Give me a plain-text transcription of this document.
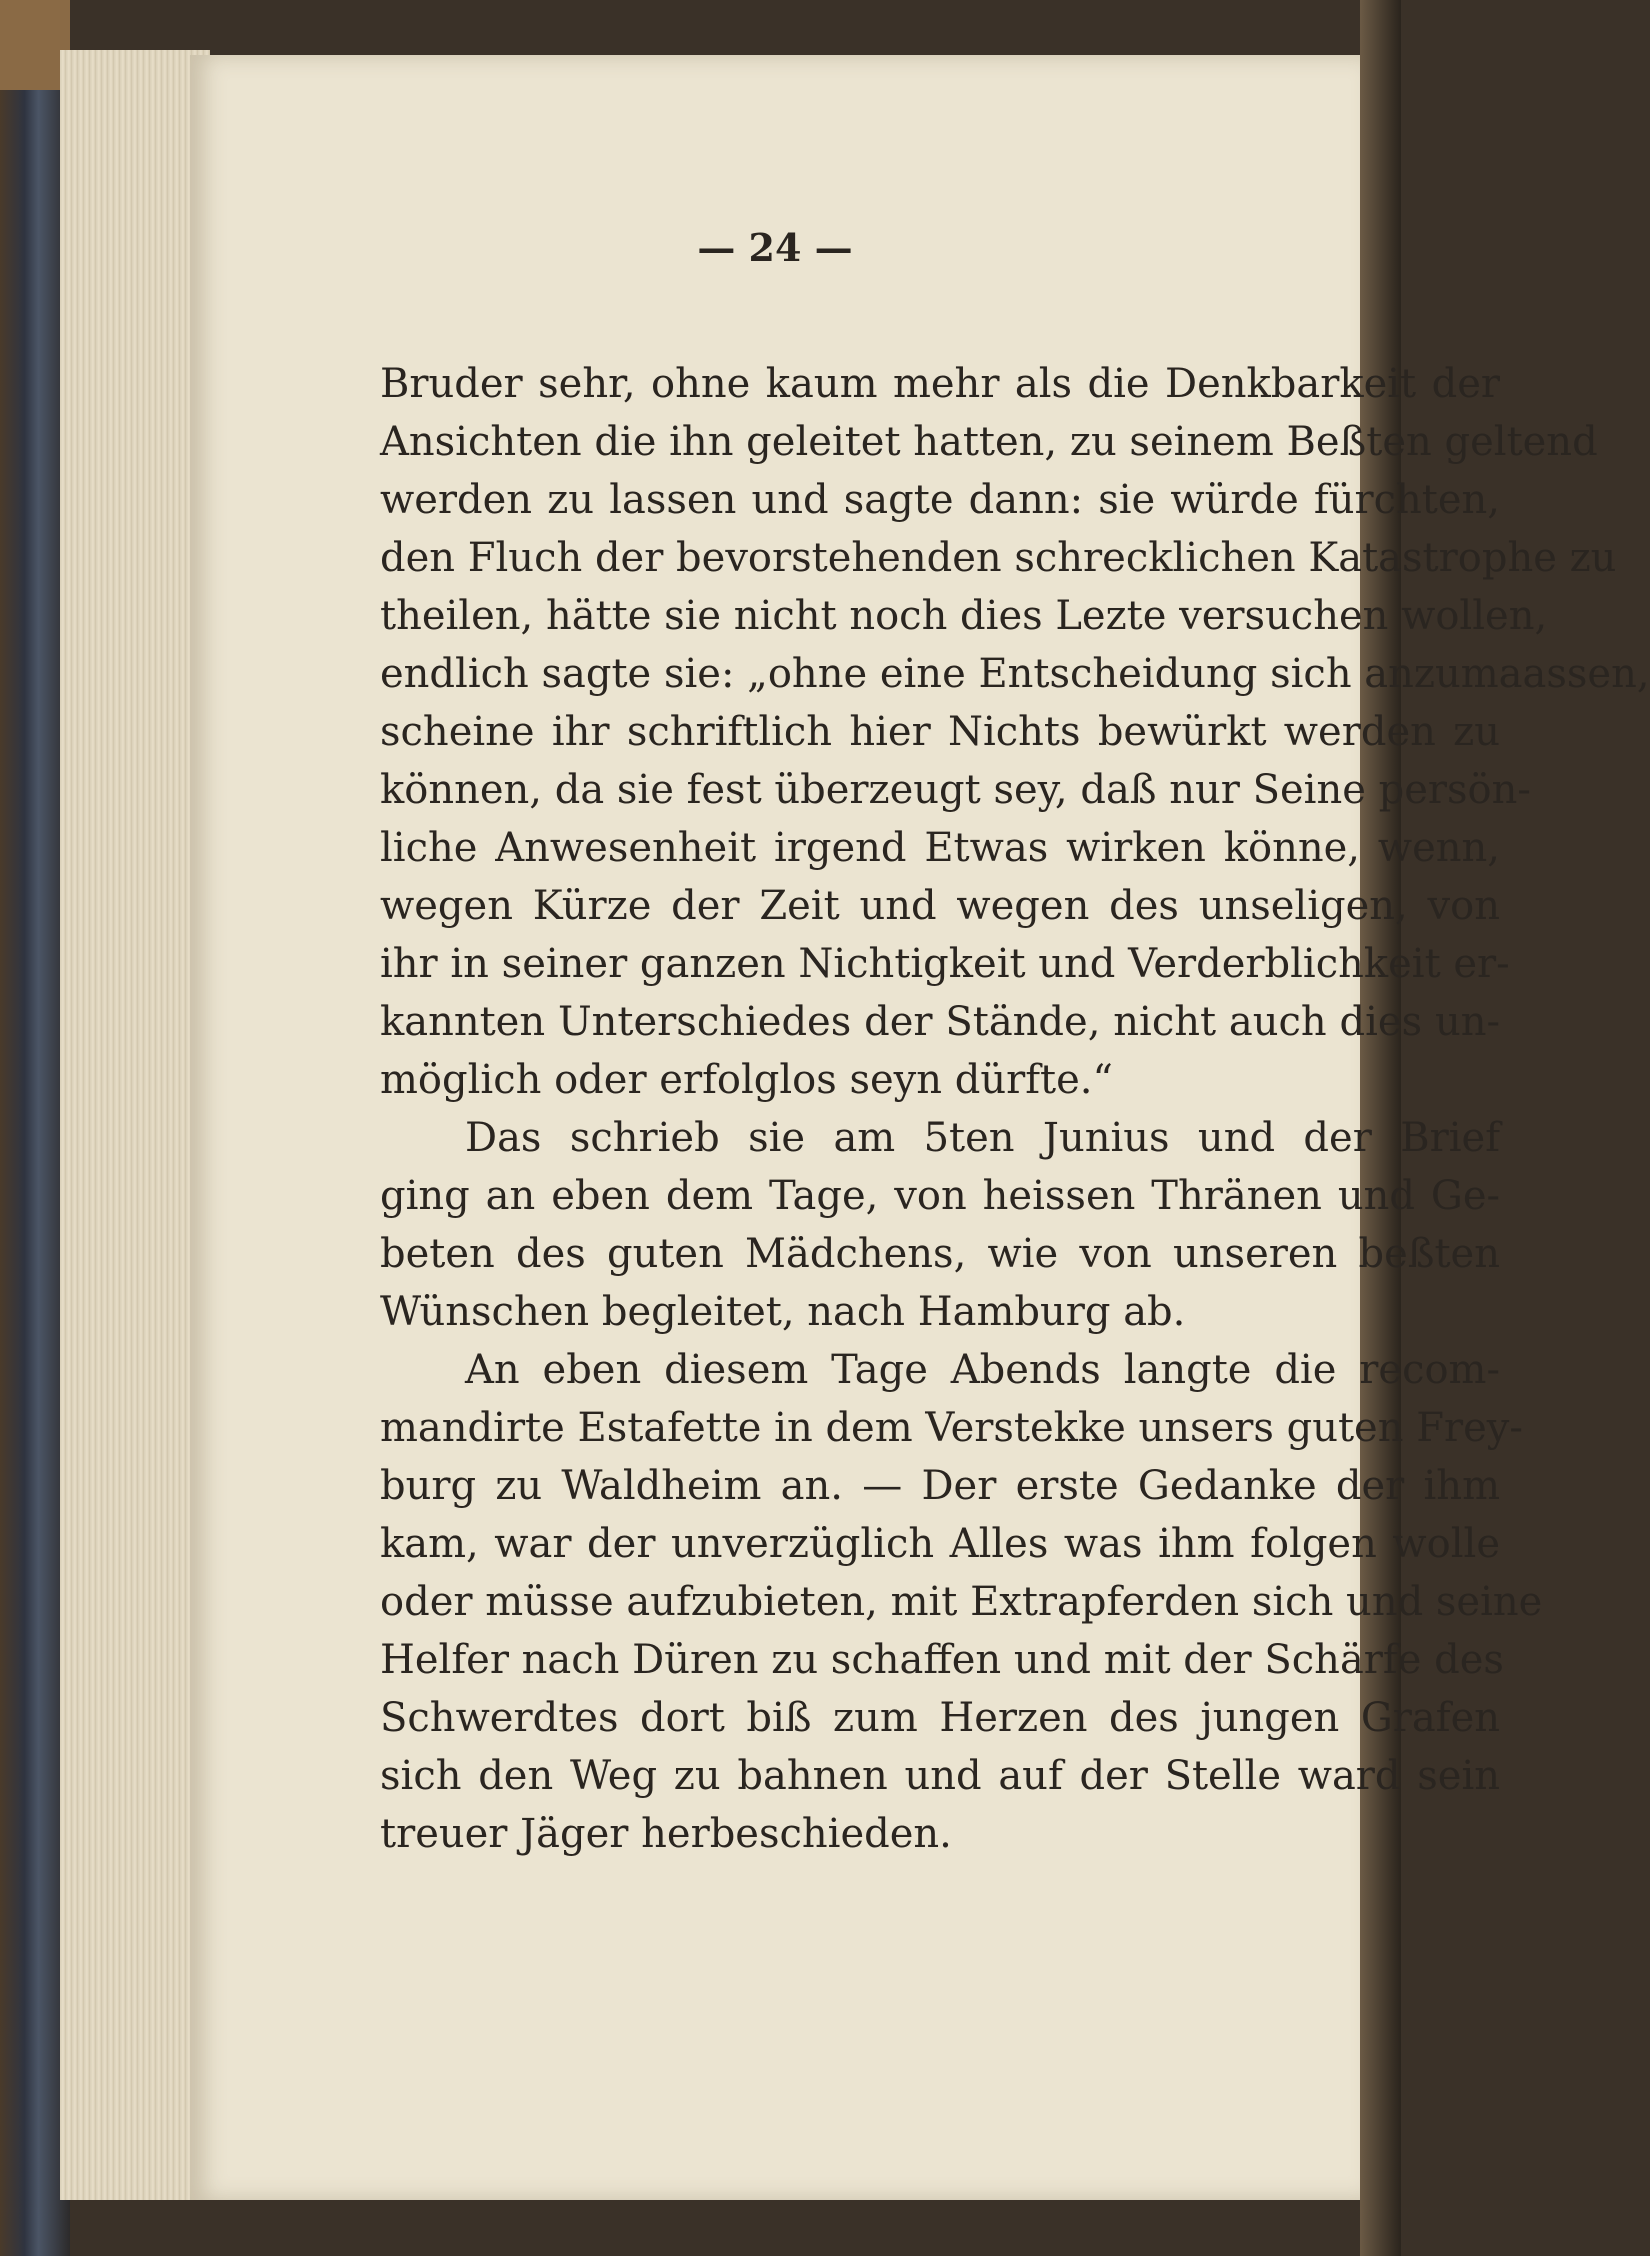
— 24 —
Bruder sehr, ohne kaum mehr als die Denkbarkeit der
Ansichten die ihn geleitet hatten, zu seinem Beßten geltend
werden zu lassen und sagte dann: sie würde fürchten,
den Fluch der bevorstehenden schrecklichen Katastrophe zu
theilen, hätte sie nicht noch dies Lezte versuchen wollen,
endlich sagte sie: „ohne eine Entscheidung sich anzumaassen,
scheine ihr schriftlich hier Nichts bewürkt werden zu
können, da sie fest überzeugt sey, daß nur Seine persön-
liche Anwesenheit irgend Etwas wirken könne, wenn,
wegen Kürze der Zeit und wegen des unseligen, von
ihr in seiner ganzen Nichtigkeit und Verderblichkeit er-
kannten Unterschiedes der Stände, nicht auch dies un-
möglich oder erfolglos seyn dürfte.“
Das schrieb sie am 5ten Junius und der Brief
ging an eben dem Tage, von heissen Thränen und Ge-
beten des guten Mädchens, wie von unseren beßten
Wünschen begleitet, nach Hamburg ab.
An eben diesem Tage Abends langte die recom-
mandirte Estafette in dem Verstekke unsers guten Frey-
burg zu Waldheim an. — Der erste Gedanke der ihm
kam, war der unverzüglich Alles was ihm folgen wolle
oder müsse aufzubieten, mit Extrapferden sich und seine
Helfer nach Düren zu schaffen und mit der Schärfe des
Schwerdtes dort biß zum Herzen des jungen Grafen
sich den Weg zu bahnen und auf der Stelle ward sein
treuer Jäger herbeschieden.
